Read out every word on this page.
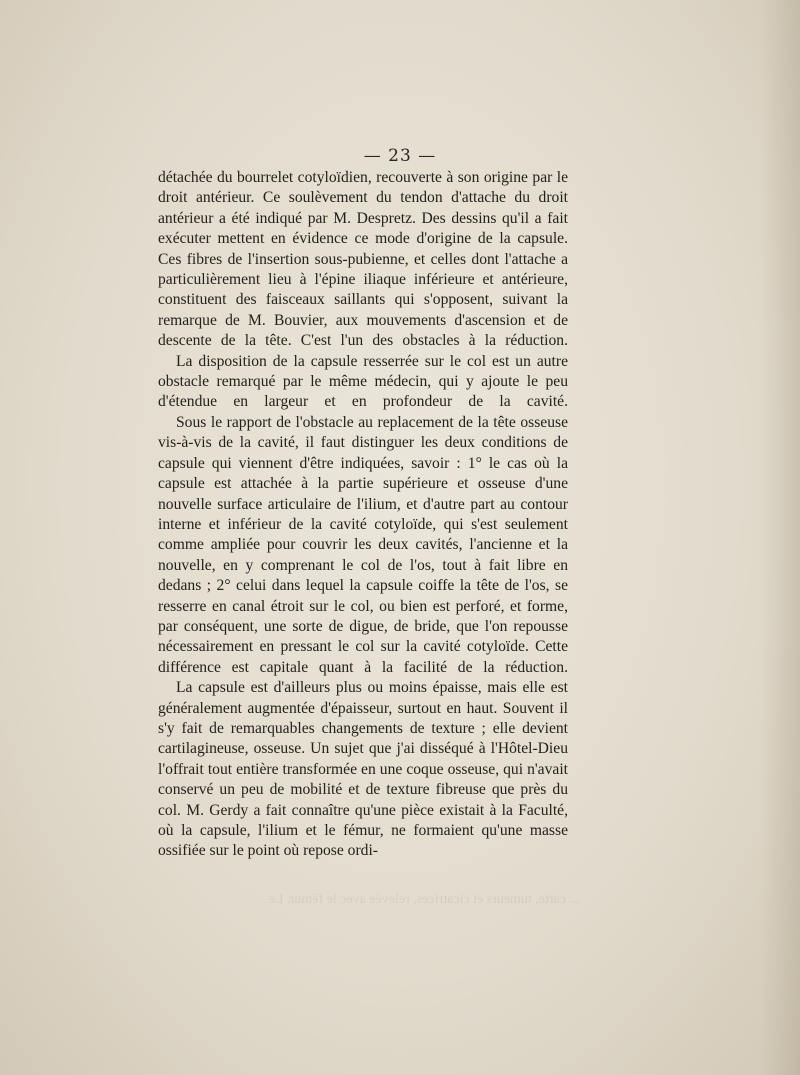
— 23 —

détachée du bourrelet cotyloïdien, recouverte à son origine par le droit antérieur. Ce soulèvement du tendon d'attache du droit antérieur a été indiqué par M. Despretz. Des dessins qu'il a fait exécuter mettent en évidence ce mode d'origine de la capsule. Ces fibres de l'insertion sous-pubienne, et celles dont l'attache a particulièrement lieu à l'épine iliaque inférieure et antérieure, constituent des faisceaux saillants qui s'opposent, suivant la remarque de M. Bouvier, aux mouvements d'ascension et de descente de la tête. C'est l'un des obstacles à la réduction.

La disposition de la capsule resserrée sur le col est un autre obstacle remarqué par le même médecin, qui y ajoute le peu d'étendue en largeur et en profondeur de la cavité.

Sous le rapport de l'obstacle au replacement de la tête osseuse vis-à-vis de la cavité, il faut distinguer les deux conditions de capsule qui viennent d'être indiquées, savoir : 1° le cas où la capsule est attachée à la partie supérieure et osseuse d'une nouvelle surface articulaire de l'ilium, et d'autre part au contour interne et inférieur de la cavité cotyloïde, qui s'est seulement comme ampliée pour couvrir les deux cavités, l'ancienne et la nouvelle, en y comprenant le col de l'os, tout à fait libre en dedans ; 2° celui dans lequel la capsule coiffe la tête de l'os, se resserre en canal étroit sur le col, ou bien est perforé, et forme, par conséquent, une sorte de digue, de bride, que l'on repousse nécessairement en pressant le col sur la cavité cotyloïde. Cette différence est capitale quant à la facilité de la réduction.

La capsule est d'ailleurs plus ou moins épaisse, mais elle est généralement augmentée d'épaisseur, surtout en haut. Souvent il s'y fait de remarquables changements de texture ; elle devient cartilagineuse, osseuse. Un sujet que j'ai disséqué à l'Hôtel-Dieu l'offrait tout entière transformée en une coque osseuse, qui n'avait conservé un peu de mobilité et de texture fibreuse que près du col. M. Gerdy a fait connaître qu'une pièce existait à la Faculté, où la capsule, l'ilium et le fémur, ne formaient qu'une masse ossifiée sur le point où repose ordi-

... carte, tumeurs et cicatrices, relevée avec le fémur. Le
